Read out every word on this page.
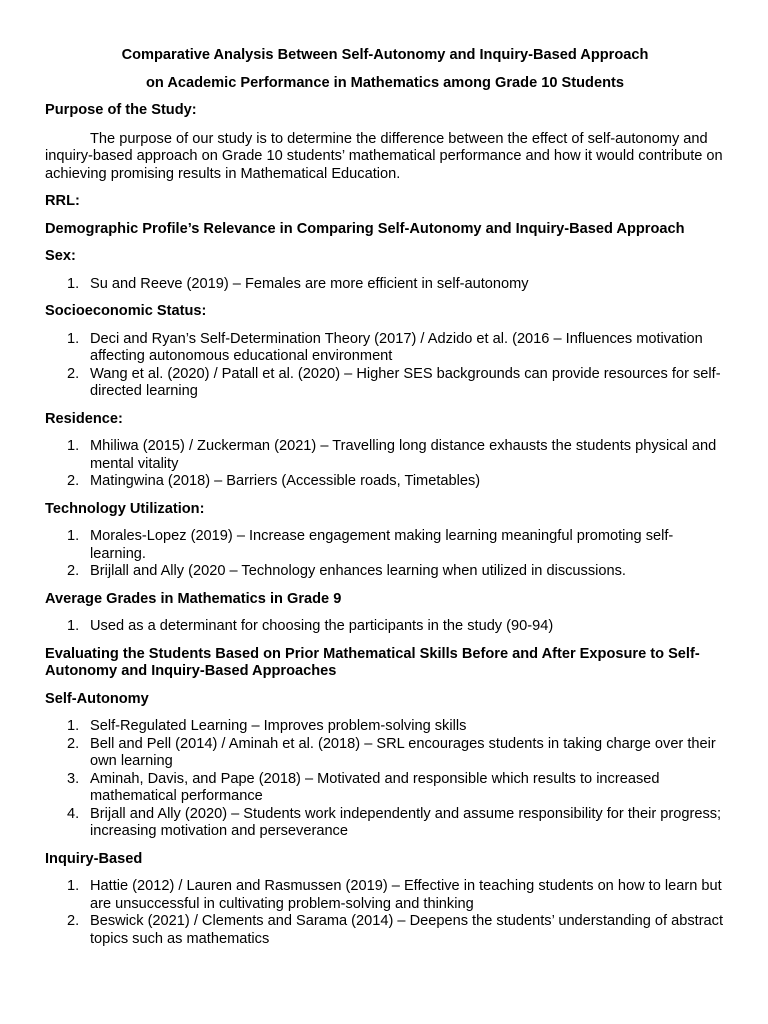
Comparative Analysis Between Self-Autonomy and Inquiry-Based Approach

on Academic Performance in Mathematics among Grade 10 Students

Purpose of the Study:

The purpose of our study is to determine the difference between the effect of self-autonomy and inquiry-based approach on Grade 10 students’ mathematical performance and how it would contribute on achieving promising results in Mathematical Education.

RRL:

Demographic Profile’s Relevance in Comparing Self-Autonomy and Inquiry-Based Approach

Sex:

1. Su and Reeve (2019) – Females are more efficient in self-autonomy

Socioeconomic Status:

1. Deci and Ryan’s Self-Determination Theory (2017) / Adzido et al. (2016 – Influences motivation affecting autonomous educational environment
2. Wang et al. (2020) / Patall et al. (2020) – Higher SES backgrounds can provide resources for self-directed learning

Residence:

1. Mhiliwa (2015) / Zuckerman (2021) – Travelling long distance exhausts the students physical and mental vitality
2. Matingwina (2018) – Barriers (Accessible roads, Timetables)

Technology Utilization:

1. Morales-Lopez (2019) – Increase engagement making learning meaningful promoting self-learning.
2. Brijlall and Ally (2020 – Technology enhances learning when utilized in discussions.

Average Grades in Mathematics in Grade 9

1. Used as a determinant for choosing the participants in the study (90-94)

Evaluating the Students Based on Prior Mathematical Skills Before and After Exposure to Self-Autonomy and Inquiry-Based Approaches

Self-Autonomy

1. Self-Regulated Learning – Improves problem-solving skills
2. Bell and Pell (2014) / Aminah et al. (2018) – SRL encourages students in taking charge over their own learning
3. Aminah, Davis, and Pape (2018) – Motivated and responsible which results to increased mathematical performance
4. Brijall and Ally (2020) – Students work independently and assume responsibility for their progress; increasing motivation and perseverance

Inquiry-Based

1. Hattie (2012) / Lauren and Rasmussen (2019) – Effective in teaching students on how to learn but are unsuccessful in cultivating problem-solving and thinking
2. Beswick (2021) / Clements and Sarama (2014) – Deepens the students’ understanding of abstract topics such as mathematics
